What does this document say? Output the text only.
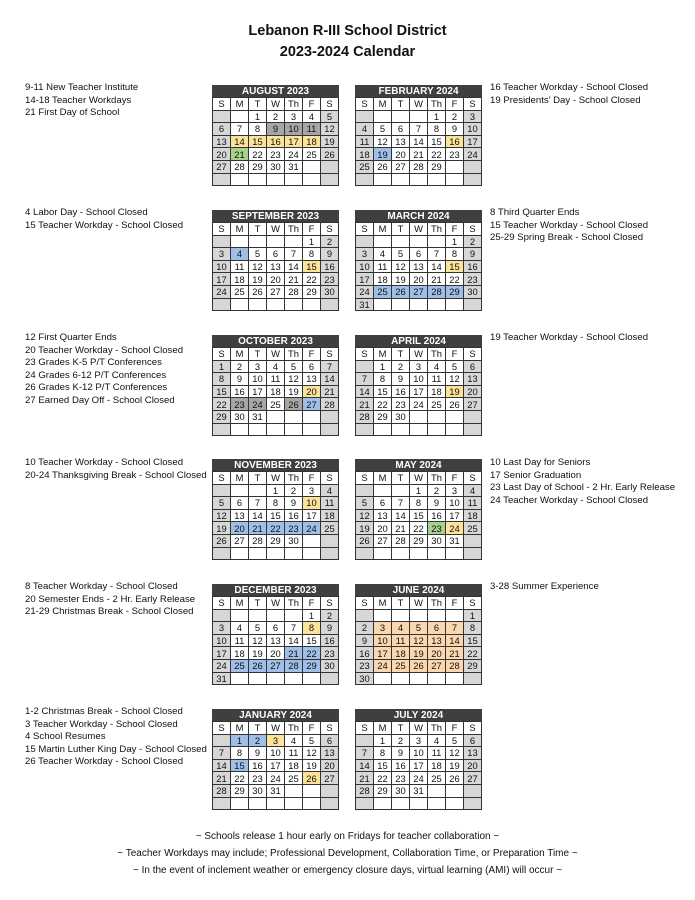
Lebanon R-III School District
2023-2024 Calendar
AUGUST 2023
S	M	T	W	Th	F	S
		1	2	3	4	5
6	7	8	9	10	11	12
13	14	15	16	17	18	19
20	21	22	23	24	25	26
27	28	29	30	31		

FEBRUARY 2024
S	M	T	W	Th	F	S
				1	2	3
4	5	6	7	8	9	10
11	12	13	14	15	16	17
18	19	20	21	22	23	24
25	26	27	28	29		

SEPTEMBER 2023
S	M	T	W	Th	F	S
					1	2
3	4	5	6	7	8	9
10	11	12	13	14	15	16
17	18	19	20	21	22	23
24	25	26	27	28	29	30

MARCH 2024
S	M	T	W	Th	F	S
					1	2
3	4	5	6	7	8	9
10	11	12	13	14	15	16
17	18	19	20	21	22	23
24	25	26	27	28	29	30
31						
OCTOBER 2023
S	M	T	W	Th	F	S
1	2	3	4	5	6	7
8	9	10	11	12	13	14
15	16	17	18	19	20	21
22	23	24	25	26	27	28
29	30	31				

APRIL 2024
S	M	T	W	Th	F	S
	1	2	3	4	5	6
7	8	9	10	11	12	13
14	15	16	17	18	19	20
21	22	23	24	25	26	27
28	29	30				

NOVEMBER 2023
S	M	T	W	Th	F	S
			1	2	3	4
5	6	7	8	9	10	11
12	13	14	15	16	17	18
19	20	21	22	23	24	25
26	27	28	29	30		

MAY 2024
S	M	T	W	Th	F	S
			1	2	3	4
5	6	7	8	9	10	11
12	13	14	15	16	17	18
19	20	21	22	23	24	25
26	27	28	29	30	31	

DECEMBER 2023
S	M	T	W	Th	F	S
					1	2
3	4	5	6	7	8	9
10	11	12	13	14	15	16
17	18	19	20	21	22	23
24	25	26	27	28	29	30
31						
JUNE 2024
S	M	T	W	Th	F	S
						1
2	3	4	5	6	7	8
9	10	11	12	13	14	15
16	17	18	19	20	21	22
23	24	25	26	27	28	29
30						
JANUARY 2024
S	M	T	W	Th	F	S
	1	2	3	4	5	6
7	8	9	10	11	12	13
14	15	16	17	18	19	20
21	22	23	24	25	26	27
28	29	30	31			

JULY 2024
S	M	T	W	Th	F	S
	1	2	3	4	5	6
7	8	9	10	11	12	13
14	15	16	17	18	19	20
21	22	23	24	25	26	27
28	29	30	31			

9-11 New Teacher Institute
14-18 Teacher Workdays
21 First Day of School
16 Teacher Workday - School Closed
19 Presidents’ Day - School Closed
4 Labor Day - School Closed
15 Teacher Workday - School Closed
8 Third Quarter Ends
15 Teacher Workday - School Closed
25-29 Spring Break - School Closed
12 First Quarter Ends
20 Teacher Workday - School Closed
23 Grades K-5 P/T Conferences
24 Grades 6-12 P/T Conferences
26 Grades K-12 P/T Conferences
27 Earned Day Off - School Closed
19 Teacher Workday - School Closed
10 Teacher Workday - School Closed
20-24 Thanksgiving Break - School Closed
10 Last Day for Seniors
17 Senior Graduation
23 Last Day of School - 2 Hr. Early Release
24 Teacher Workday - School Closed
8 Teacher Workday - School Closed
20 Semester Ends - 2 Hr. Early Release
21-29 Christmas Break - School Closed
3-28 Summer Experience
1-2 Christmas Break - School Closed
3 Teacher Workday - School Closed
4 School Resumes
15 Martin Luther King Day - School Closed
26 Teacher Workday - School Closed
~ Schools release 1 hour early on Fridays for teacher collaboration ~
~ Teacher Workdays may include; Professional Development, Collaboration Time, or Preparation Time ~
~ In the event of inclement weather or emergency closure days, virtual learning (AMI) will occur ~
